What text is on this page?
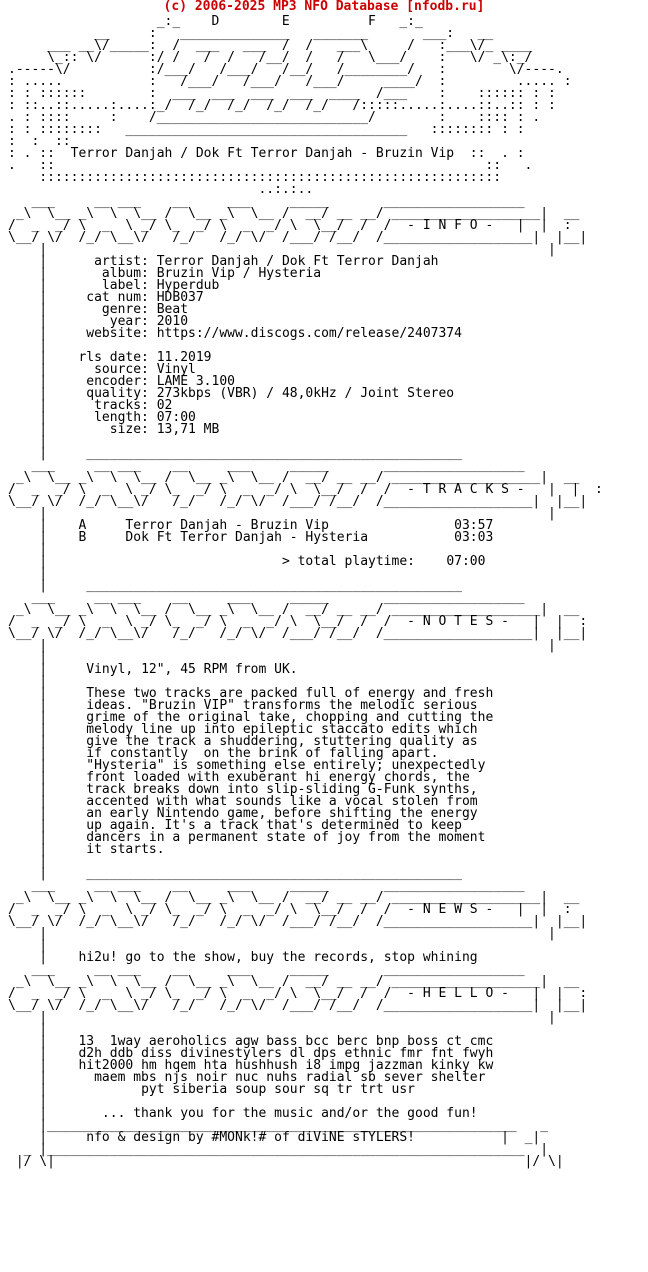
(c) 2006-2025 MP3 NFO Database [nfodb.ru]
_:_    D        E          F   _:_
__     :   ______________   _______       ___:   __
___ __\/_____:  /  ___   ___  /  /   ___\     /   :___\/_ ____
\_:: \/      :/ /   /  /   /__/  /   /   \___/    :   \/ _\:_/
.-----\/          :/___/   /___/   /__/   /________/   :        \/----.
: .....           :   /___/   /___/   /___/     ____/  :         ..... :
: : ::::::        :  ___  ___  ___  ___  ____  /___    :    :::::: : :
: ::..::.....:....:_/  /_/  /_/  /_/  /_/   /:::::.....:....::..:: : :
. : ::::     :    /___________________________/        :    :::: : .
: : ::::::::   ____________________________________   :::::::: : :
:  :  ::
: . ::  Terror Danjah / Dok Ft Terror Danjah - Bruzin Vip  ::  . :
.   ::                                                       ::   .
:::::::::::::::::::::::::::::::::::::::::::::::::::::::::::
..:.:..
___     __ ___    __     ___     _____       __________________
_\  \__ _\  \  \__ /  \__ _\  \__ /  __/ __ __/ ___________________|  __
/  _  _/ \  _  \ _/ \_  _/ \  _  _/ \  \__/  /  /  - I N F O -   |  |  :
\__/ \/  /_/ \__\/   /_/   /_/ \/  /___/ /__/  /___________________|  |__|
|                                                                |
|      artist: Terror Danjah / Dok Ft Terror Danjah
|       album: Bruzin Vip / Hysteria
|       label: Hyperdub
|     cat num: HDB037
|       genre: Beat
|        year: 2010
|     website: https://www.discogs.com/release/2407374
|
|    rls date: 11.2019
|      source: Vinyl
|     encoder: LAME 3.100
|     quality: 273kbps (VBR) / 48,0kHz / Joint Stereo
|      tracks: 02
|      length: 07:00
|        size: 13,71 MB
|
|     ________________________________________________
___     __ ___    __     ___     _____       __________________
_\  \__ _\  \  \__ /  \__ _\  \__ /  __/ __ __/ ___________________|  __
/  _  _/ \  _  \ _/ \_  _/ \  _  _/ \  \__/  /  /  - T R A C K S -   |  |  :
\__/ \/  /_/ \__\/   /_/   /_/ \/  /___/ /__/  /___________________|  |__|
|                                                                |
|    A	Terror Danjah - Bruzin Vip                03:57
|    B	Dok Ft Terror Danjah - Hysteria           03:03
|
|                              > total playtime: 07:00
|
|     ________________________________________________
___     __ ___    __     ___     _____       __________________
_\  \__ _\  \  \__ /  \__ _\  \__ /  __/ __ __/ ___________________|  __
/  _  _/ \  _  \ _/ \_  _/ \  _  _/ \  \__/  /  /  - N O T E S -   |  |  :
\__/ \/  /_/ \__\/   /_/   /_/ \/  /___/ /__/  /___________________|  |__|
|                                                                |
|
|     Vinyl, 12", 45 RPM from UK.
|
|     These two tracks are packed full of energy and fresh
|     ideas. "Bruzin VIP" transforms the melodic serious
|     grime of the original take, chopping and cutting the
|     melody line up into epileptic staccato edits which
|     give the track a shuddering, stuttering quality as
|     if constantly  on the brink of falling apart.
|     "Hysteria" is something else entirely; unexpectedly
|     front loaded with exuberant hi energy chords, the
|     track breaks down into slip-sliding G-Funk synths,
|     accented with what sounds like a vocal stolen from
|     an early Nintendo game, before shifting the energy
|     up again. It's a track that's determined to keep
|     dancers in a permanent state of joy from the moment
|     it starts.
|
|     ________________________________________________
___     __ ___    __     ___     _____       __________________
_\  \__ _\  \  \__ /  \__ _\  \__ /  __/ __ __/ ___________________|  __
/  _  _/ \  _  \ _/ \_  _/ \  _  _/ \  \__/  /  /  - N E W S -   |  |  :
\__/ \/  /_/ \__\/   /_/   /_/ \/  /___/ /__/  /___________________|  |__|
|                                                                |
|
|    hi2u! go to the show, buy the records, stop whining
___     __ ___    __     ___     _____       __________________
_\  \__ _\  \  \__ /  \__ _\  \__ /  __/ __ __/ ___________________|  __
/  _  _/ \  _  \ _/ \_  _/ \  _  _/ \  \__/  /  /  - H E L L O -   |  |  :
\__/ \/  /_/ \__\/   /_/   /_/ \/  /___/ /__/  /___________________|  |__|
|                                                                |
|
|    13  1way aeroholics agw bass bcc berc bnp boss ct cmc
|    d2h ddb diss divinestylers dl dps ethnic fmr fnt fwyh
|    hit2000 hm hqem hta hushhush i8 impg jazzman kinky kw
|      maem mbs njs noir nuc nuhs radial sb sever shelter
|            pyt siberia soup sour sq tr trt usr
|
|       ... thank you for the music and/or the good fun!
|____________________________________________________________   _
|     nfo & design by #MONk!# of diViNE sTYLERS!	|  _|
_ |_____________________________________________________________  |
|/ \|                                                            |/ \|
